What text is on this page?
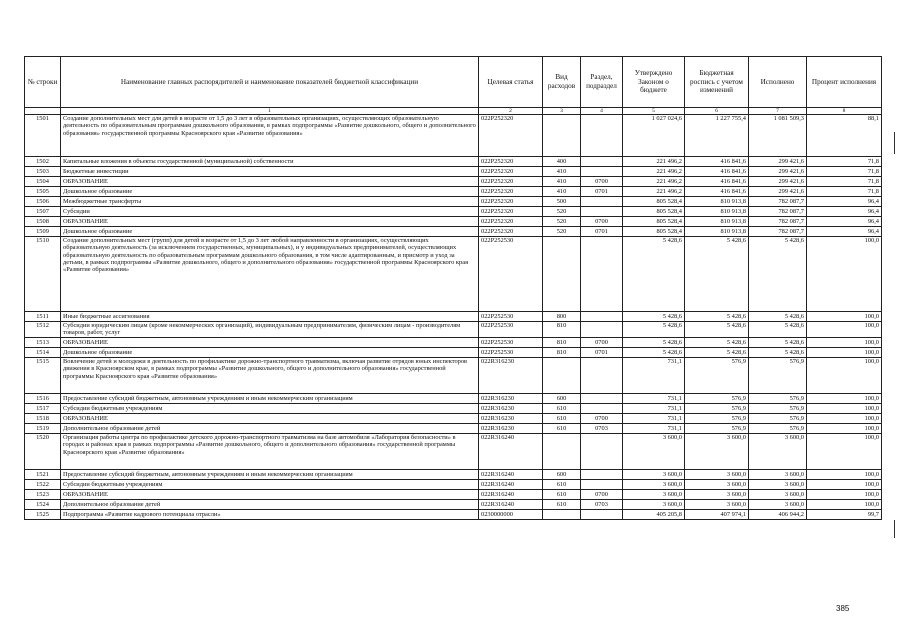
№ строки	Наименование главных распорядителей и наименование показателей бюджетной классификации	Целевая статья	Вид расходов	Раздел, подраздел	Утверждено Законом о бюджете	Бюджетная роспись с учетом изменений	Исполнено	Процент исполнения
	1	2	3	4	5	6	7	8
1501	Создание дополнительных мест для детей в возрасте от 1,5 до 3 лет в образовательных организациях, осуществляющих образовательную деятельность по образовательным программам дошкольного образования, в рамках подпрограммы «Развитие дошкольного, общего и дополнительного образования» государственной программы Красноярского края «Развитие образования»	022P252320			1 027 024,6	1 227 755,4	1 081 509,3	88,1
1502	Капитальные вложения в объекты государственной (муниципальной) собственности	022P252320	400		221 496,2	416 841,6	299 421,6	71,8
1503	Бюджетные инвестиции	022P252320	410		221 496,2	416 841,6	299 421,6	71,8
1504	ОБРАЗОВАНИЕ	022P252320	410	0700	221 496,2	416 841,6	299 421,6	71,8
1505	Дошкольное образование	022P252320	410	0701	221 496,2	416 841,6	299 421,6	71,8
1506	Межбюджетные трансферты	022P252320	500		805 528,4	810 913,8	782 087,7	96,4
1507	Субсидии	022P252320	520		805 528,4	810 913,8	782 087,7	96,4
1508	ОБРАЗОВАНИЕ	022P252320	520	0700	805 528,4	810 913,8	782 087,7	96,4
1509	Дошкольное образование	022P252320	520	0701	805 528,4	810 913,8	782 087,7	96,4
1510	Создание дополнительных мест (групп) для детей в возрасте от 1,5 до 3 лет любой направленности в организациях, осуществляющих образовательную деятельность (за исключением государственных, муниципальных), и у индивидуальных предпринимателей, осуществляющих образовательную деятельность по образовательным программам дошкольного образования, в том числе адаптированным, и присмотр и уход за детьми, в рамках подпрограммы «Развитие дошкольного, общего и дополнительного образования» государственной программы Красноярского края «Развитие образования»	022P252530			5 428,6	5 428,6	5 428,6	100,0
1511	Иные бюджетные ассигнования	022P252530	800		5 428,6	5 428,6	5 428,6	100,0
1512	Субсидии юридическим лицам (кроме некоммерческих организаций), индивидуальным предпринимателям, физическим лицам - производителям товаров, работ, услуг	022P252530	810		5 428,6	5 428,6	5 428,6	100,0
1513	ОБРАЗОВАНИЕ	022P252530	810	0700	5 428,6	5 428,6	5 428,6	100,0
1514	Дошкольное образование	022P252530	810	0701	5 428,6	5 428,6	5 428,6	100,0
1515	Вовлечение детей и молодежи в деятельность по профилактике дорожно-транспортного травматизма, включая развитие отрядов юных инспекторов движения в Красноярском крае, в рамках подпрограммы «Развитие дошкольного, общего и дополнительного образования» государственной программы Красноярского края «Развитие образования»	022R316230			731,1	576,9	576,9	100,0
1516	Предоставление субсидий бюджетным, автономным учреждениям и иным некоммерческим организациям	022R316230	600		731,1	576,9	576,9	100,0
1517	Субсидии бюджетным учреждениям	022R316230	610		731,1	576,9	576,9	100,0
1518	ОБРАЗОВАНИЕ	022R316230	610	0700	731,1	576,9	576,9	100,0
1519	Дополнительное образование детей	022R316230	610	0703	731,1	576,9	576,9	100,0
1520	Организация работы центра по профилактике детского дорожно-транспортного травматизма на базе автомобиля «Лаборатория безопасности» в городах и районах края в рамках подпрограммы «Развитие дошкольного, общего и дополнительного образования» государственной программы Красноярского края «Развитие образования»	022R316240			3 600,0	3 600,0	3 600,0	100,0
1521	Предоставление субсидий бюджетным, автономным учреждениям и иным некоммерческим организациям	022R316240	600		3 600,0	3 600,0	3 600,0	100,0
1522	Субсидии бюджетным учреждениям	022R316240	610		3 600,0	3 600,0	3 600,0	100,0
1523	ОБРАЗОВАНИЕ	022R316240	610	0700	3 600,0	3 600,0	3 600,0	100,0
1524	Дополнительное образование детей	022R316240	610	0703	3 600,0	3 600,0	3 600,0	100,0
1525	Подпрограмма «Развитие кадрового потенциала отрасли»	0230000000			405 205,8	407 974,1	406 944,2	99,7
385
